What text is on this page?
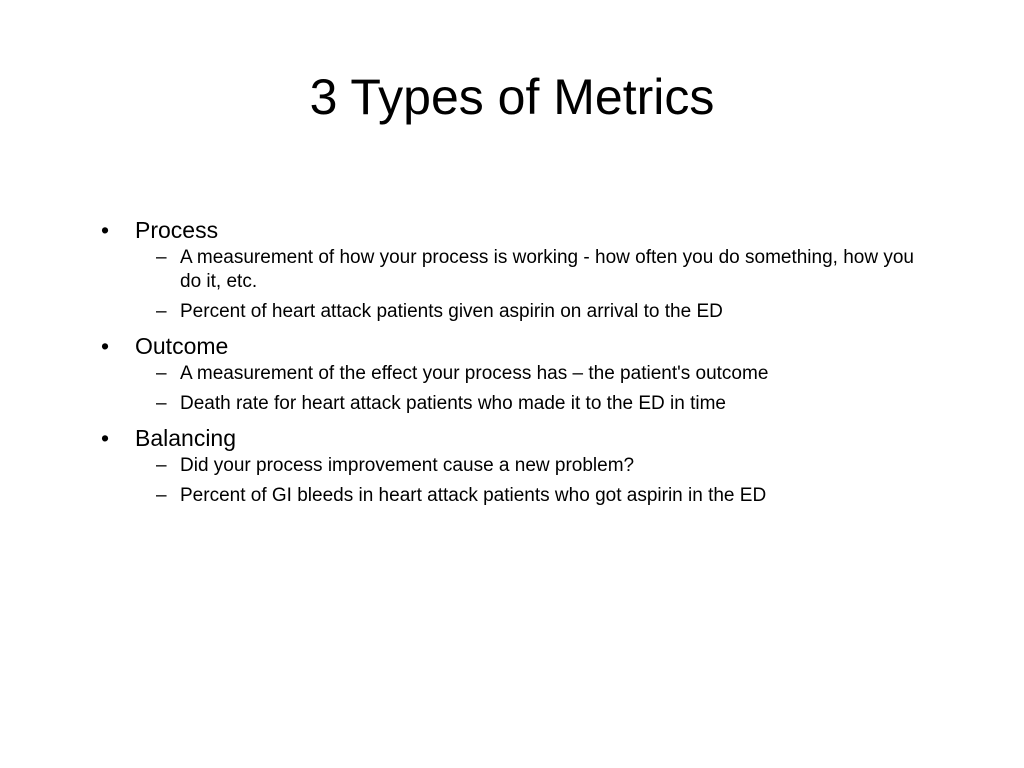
3 Types of Metrics

• Process

– A measurement of how your process is working - how often you do something, how you do it, etc.

– Percent of heart attack patients given aspirin on arrival to the ED

• Outcome

– A measurement of the effect your process has – the patient's outcome

– Death rate for heart attack patients who made it to the ED in time

• Balancing

– Did your process improvement cause a new problem?

– Percent of GI bleeds in heart attack patients who got aspirin in the ED
